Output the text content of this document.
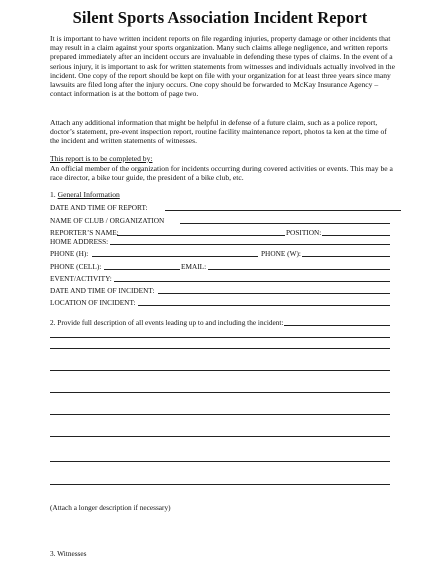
Silent Sports Association Incident Report

It is important to have written incident reports on file regarding injuries, property damage or other incidents that may result in a claim against your sports organization. Many such claims allege negligence, and written reports prepared immediately after an incident occurs are invaluable in defending these types of claims. In the event of a serious injury, it is important to ask for written statements from witnesses and individuals actually involved in the incident. One copy of the report should be kept on file with your organization for at least three years since many lawsuits are filed long after the injury occurs. One copy should be forwarded to McKay Insurance Agency – contact information is at the bottom of page two.

Attach any additional information that might be helpful in defense of a future claim, such as a police report, doctor’s statement, pre-event inspection report, routine facility maintenance report, photos ta ken at the time of the incident and written statements of witnesses.

This report is to be completed by:

An official member of the organization for incidents occurring during covered activities or events. This may be a race director, a bike tour guide, the president of a bike club, etc.

1. General Information
DATE AND TIME OF REPORT:
NAME OF CLUB / ORGANIZATION
REPORTER’S NAME:	POSITION:
HOME ADDRESS:
PHONE (H):	PHONE (W):
PHONE (CELL):	EMAIL:
EVENT/ACTIVITY:
DATE AND TIME OF INCIDENT:
LOCATION OF INCIDENT:
2. Provide full description of all events leading up to and including the incident:
(Attach a longer description if necessary)
3. Witnesses
